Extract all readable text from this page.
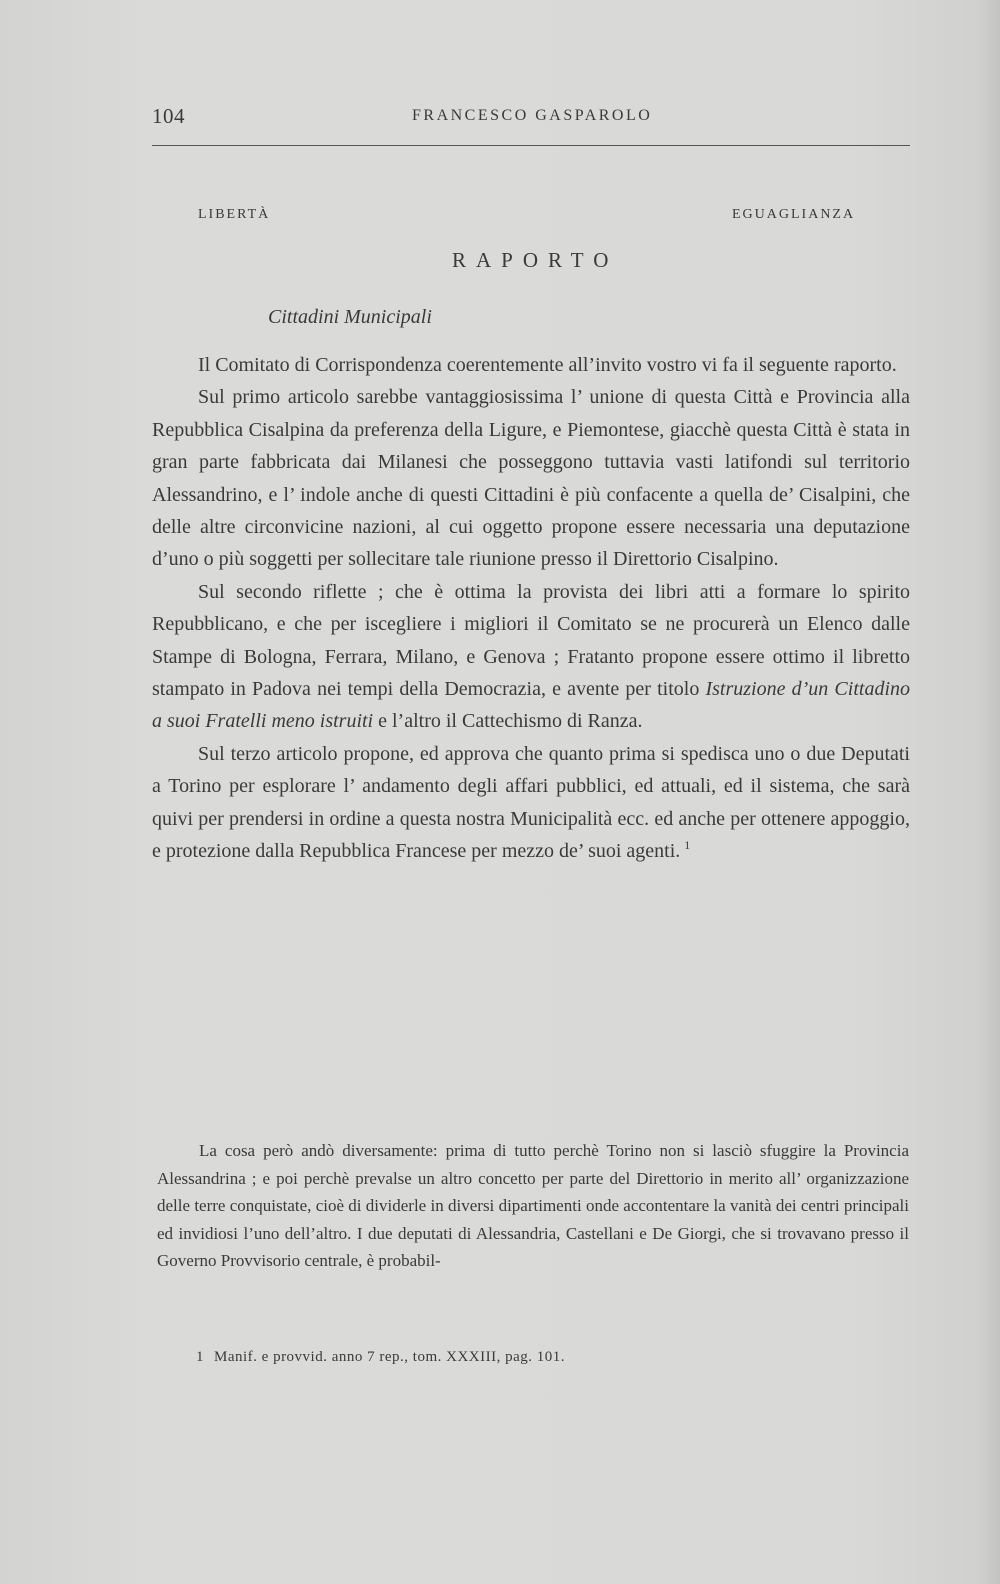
104	FRANCESCO GASPAROLO
LIBERTÀ	EGUAGLIANZA
RAPORTO
Cittadini Municipali

Il Comitato di Corrispondenza coerentemente all’invito vostro vi fa il seguente raporto.

Sul primo articolo sarebbe vantaggiosissima l’ unione di questa Città e Provincia alla Repubblica Cisalpina da preferenza della Ligure, e Piemontese, giacchè questa Città è stata in gran parte fabbricata dai Milanesi che posseggono tuttavia vasti latifondi sul territorio Alessandrino, e l’ indole anche di questi Cittadini è più confacente a quella de’ Cisalpini, che delle altre circonvicine nazioni, al cui oggetto propone essere necessaria una deputazione d’uno o più soggetti per sollecitare tale riunione presso il Direttorio Cisalpino.

Sul secondo riflette ; che è ottima la provista dei libri atti a formare lo spirito Repubblicano, e che per iscegliere i migliori il Comitato se ne procurerà un Elenco dalle Stampe di Bologna, Ferrara, Milano, e Genova ; Fratanto propone essere ottimo il libretto stampato in Padova nei tempi della Democrazia, e avente per titolo Istruzione d’un Cittadino a suoi Fratelli meno istruiti e l’altro il Cattechismo di Ranza.

Sul terzo articolo propone, ed approva che quanto prima si spedisca uno o due Deputati a Torino per esplorare l’ andamento degli affari pubblici, ed attuali, ed il sistema, che sarà quivi per prendersi in ordine a questa nostra Municipalità ecc. ed anche per ottenere appoggio, e protezione dalla Repubblica Francese per mezzo de’ suoi agenti. $^1$

La cosa però andò diversamente: prima di tutto perchè Torino non si lasciò sfuggire la Provincia Alessandrina ; e poi perchè prevalse un altro concetto per parte del Direttorio in merito all’ organizzazione delle terre conquistate, cioè di dividerle in diversi dipartimenti onde accontentare la vanità dei centri principali ed invidiosi l’uno dell’altro. I due deputati di Alessandria, Castellani e De Giorgi, che si trovavano presso il Governo Provvisorio centrale, è probabil-

1 Manif. e provvid. anno 7 rep., tom. XXXIII, pag. 101.
